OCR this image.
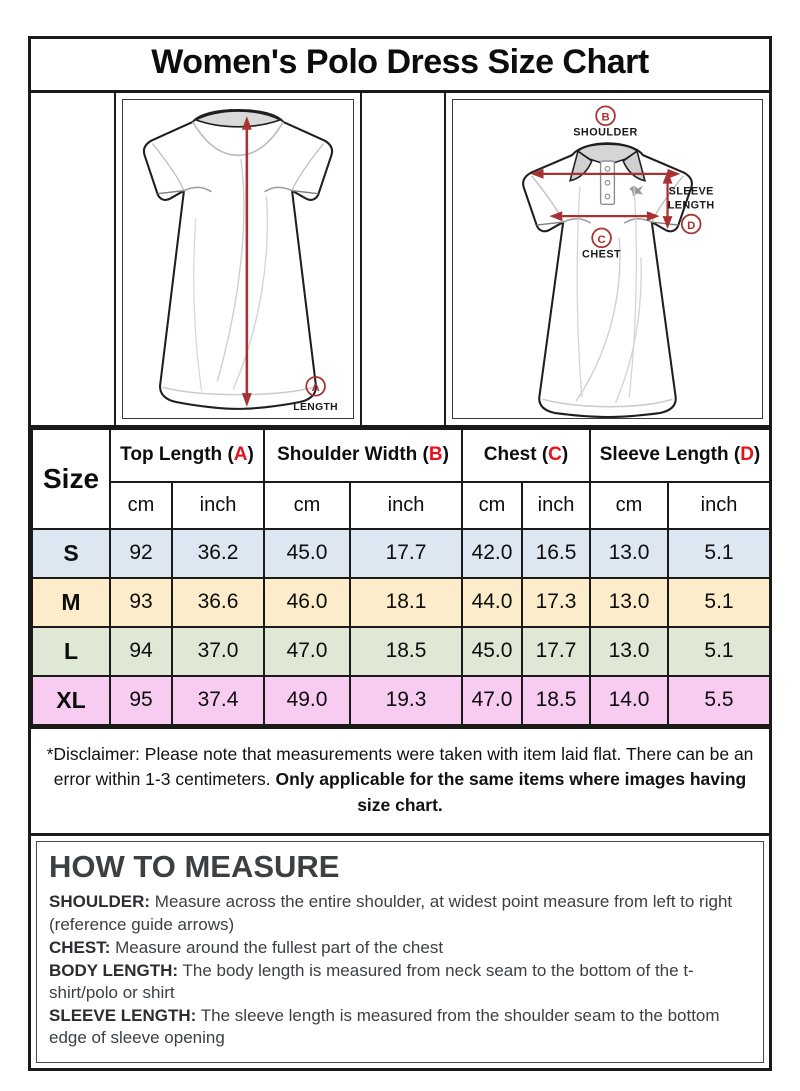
Women's Polo Dress Size Chart
A
LENGTH
B
SHOULDER
C
CHEST
SLEEVE
LENGTH
D
Size	Top Length (A)		Shoulder Width (B)		Chest (C)		Sleeve Length (D)	
	cm	inch	cm	inch	cm	inch	cm	inch
S	92	36.2	45.0	17.7	42.0	16.5	13.0	5.1
M	93	36.6	46.0	18.1	44.0	17.3	13.0	5.1
L	94	37.0	47.0	18.5	45.0	17.7	13.0	5.1
XL	95	37.4	49.0	19.3	47.0	18.5	14.0	5.5
*Disclaimer: Please note that measurements were taken with item laid flat. There can be an error within 1-3 centimeters. Only applicable for the same items where images having size chart.
HOW TO MEASURE
SHOULDER: Measure across the entire shoulder, at widest point measure from left to right (reference guide arrows)
CHEST: Measure around the fullest part of the chest
BODY LENGTH: The body length is measured from neck seam to the bottom of the t-shirt/polo or shirt
SLEEVE LENGTH: The sleeve length is measured from the shoulder seam to the bottom edge of sleeve opening
